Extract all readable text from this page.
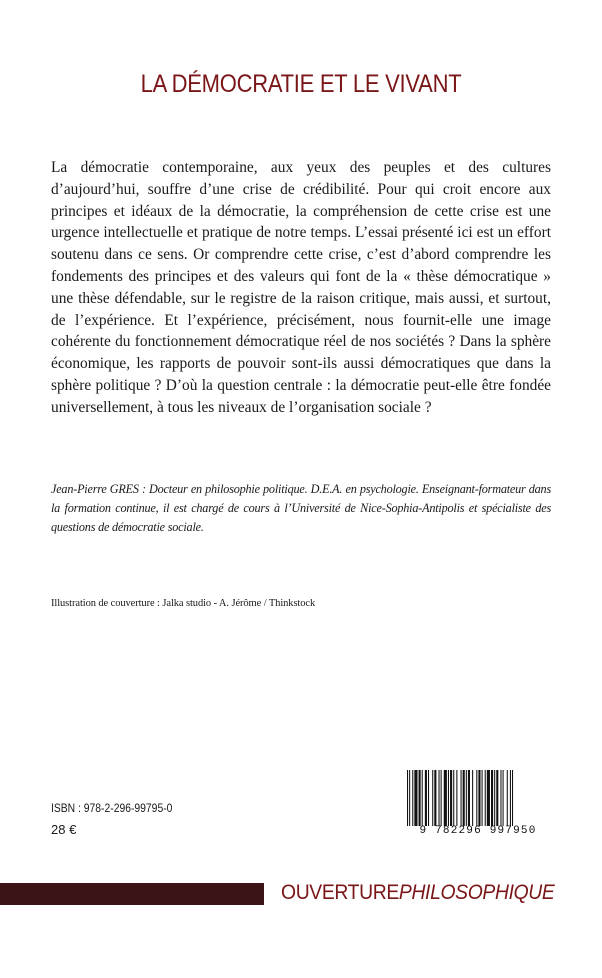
LA DÉMOCRATIE ET LE VIVANT
La démocratie contemporaine, aux yeux des peuples et des cultures d’aujourd’hui, souffre d’une crise de crédibilité. Pour qui croit encore aux principes et idéaux de la démocratie, la compréhension de cette crise est une urgence intellectuelle et pratique de notre temps. L’essai présenté ici est un effort soutenu dans ce sens. Or comprendre cette crise, c’est d’abord comprendre les fondements des principes et des valeurs qui font de la « thèse démocratique » une thèse défendable, sur le registre de la raison critique, mais aussi, et surtout, de l’expérience. Et l’expérience, précisément, nous fournit-elle une image cohérente du fonctionnement démocratique réel de nos sociétés ? Dans la sphère économique, les rapports de pouvoir sont-ils aussi démocratiques que dans la sphère politique ? D’où la question centrale : la démocratie peut-elle être fondée universellement, à tous les niveaux de l’organisation sociale ?
Jean-Pierre GRES : Docteur en philosophie politique. D.E.A. en psychologie. Enseignant-formateur dans la formation continue, il est chargé de cours à l’Université de Nice-Sophia-Antipolis et spécialiste des questions de démocratie sociale.
Illustration de couverture : Jalka studio - A. Jérôme / Thinkstock
ISBN : 978-2-296-99795-0
28 €	9 782296 997950
OUVERTUREPHILOSOPHIQUE
